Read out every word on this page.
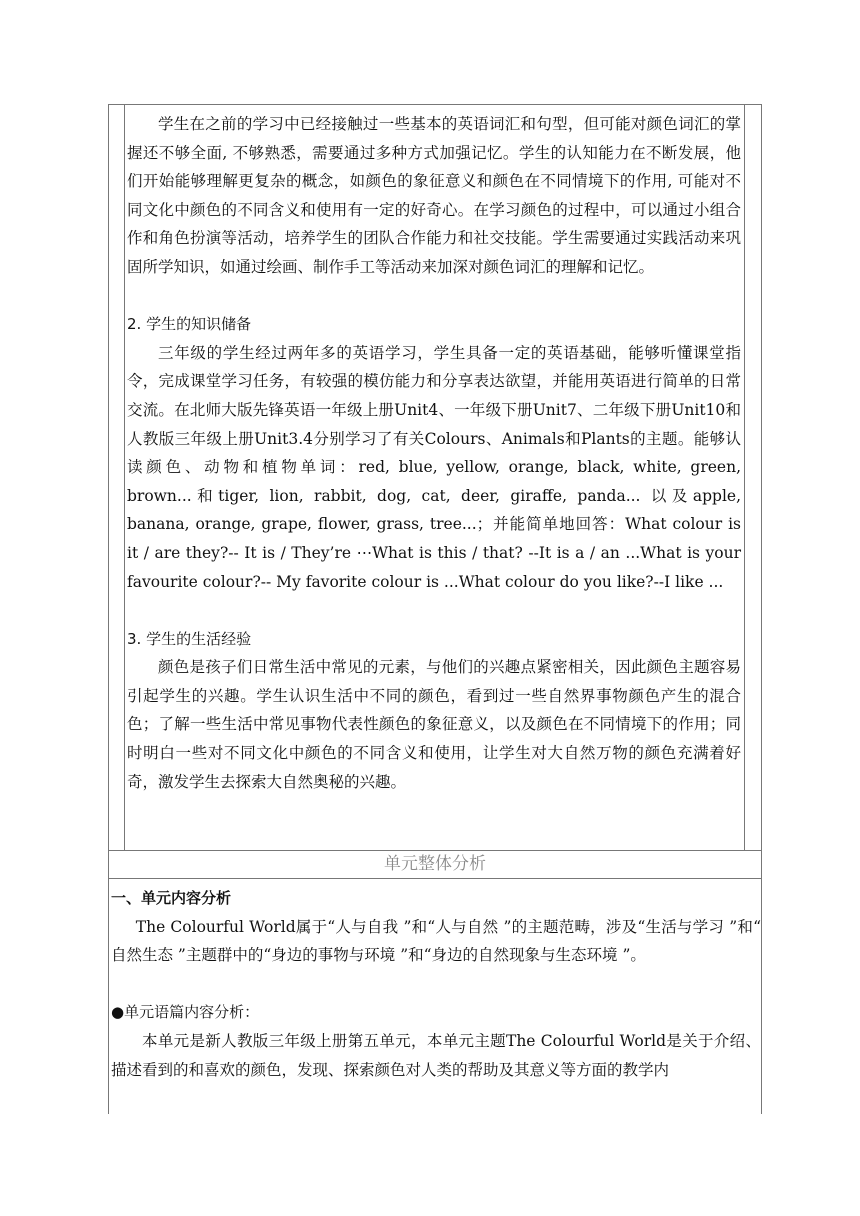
学生在之前的学习中已经接触过一些基本的英语词汇和句型，但可能对颜色词汇的掌握还不够全面, 不够熟悉，需要通过多种方式加强记忆。学生的认知能力在不断发展，他们开始能够理解更复杂的概念，如颜色的象征意义和颜色在不同情境下的作用, 可能对不同文化中颜色的不同含义和使用有一定的好奇心。在学习颜色的过程中，可以通过小组合作和角色扮演等活动，培养学生的团队合作能力和社交技能。学生需要通过实践活动来巩固所学知识，如通过绘画、制作手工等活动来加深对颜色词汇的理解和记忆。

2. 学生的知识储备

三年级的学生经过两年多的英语学习，学生具备一定的英语基础，能够听懂课堂指令，完成课堂学习任务，有较强的模仿能力和分享表达欲望，并能用英语进行简单的日常交流。在北师大版先锋英语一年级上册Unit4、一年级下册Unit7、二年级下册Unit10和人教版三年级上册Unit3.4分别学习了有关Colours、Animals和Plants的主题。能够认读颜色、动物和植物单词：red, blue, yellow, orange, black, white, green, brown...和tiger, lion, rabbit, dog, cat, deer, giraffe, panda... 以及apple, banana, orange, grape, flower, grass, tree...；并能简单地回答：What colour is it / are they?-- It is / They’re ⋯What is this / that? --It is a / an ...What is your favourite colour?-- My favorite colour is ...What colour do you like?--I like ...

3. 学生的生活经验

颜色是孩子们日常生活中常见的元素，与他们的兴趣点紧密相关，因此颜色主题容易引起学生的兴趣。学生认识生活中不同的颜色，看到过一些自然界事物颜色产生的混合色；了解一些生活中常见事物代表性颜色的象征意义，以及颜色在不同情境下的作用；同时明白一些对不同文化中颜色的不同含义和使用，让学生对大自然万物的颜色充满着好奇，激发学生去探索大自然奥秘的兴趣。

单元整体分析

一、单元内容分析

The Colourful World属于“人与自我 ”和“人与自然 ”的主题范畴，涉及“生活与学习 ”和“ 自然生态 ”主题群中的“身边的事物与环境 ”和“身边的自然现象与生态环境 ”。

●单元语篇内容分析：

本单元是新人教版三年级上册第五单元，本单元主题The Colourful World是关于介绍、描述看到的和喜欢的颜色，发现、探索颜色对人类的帮助及其意义等方面的教学内
